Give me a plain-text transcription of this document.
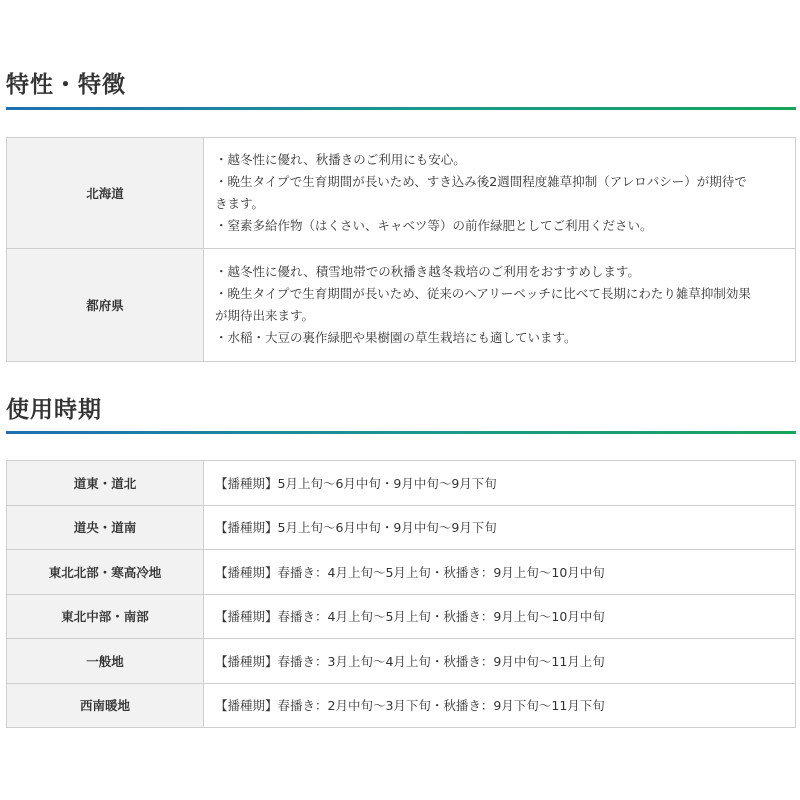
特性・特徴
北海道	・越冬性に優れ、秋播きのご利用にも安心。
・晩生タイプで生育期間が長いため、すき込み後2週間程度雑草抑制（アレロパシー）が期待で
きます。
・窒素多給作物（はくさい、キャベツ等）の前作緑肥としてご利用ください。

都府県	・越冬性に優れ、積雪地帯での秋播き越冬栽培のご利用をおすすめします。
・晩生タイプで生育期間が長いため、従来のヘアリーベッチに比べて長期にわたり雑草抑制効果
が期待出来ます。
・水稲・大豆の裏作緑肥や果樹園の草生栽培にも適しています。
使用時期
道東・道北	【播種期】5月上旬～6月中旬・9月中旬～9月下旬
道央・道南	【播種期】5月上旬～6月中旬・9月中旬～9月下旬
東北北部・寒高冷地	【播種期】春播き：4月上旬～5月上旬・秋播き：9月上旬～10月中旬
東北中部・南部	【播種期】春播き：4月上旬～5月上旬・秋播き：9月上旬～10月中旬
一般地	【播種期】春播き：3月上旬～4月上旬・秋播き：9月中旬～11月上旬
西南暖地	【播種期】春播き：2月中旬～3月下旬・秋播き：9月下旬～11月下旬
